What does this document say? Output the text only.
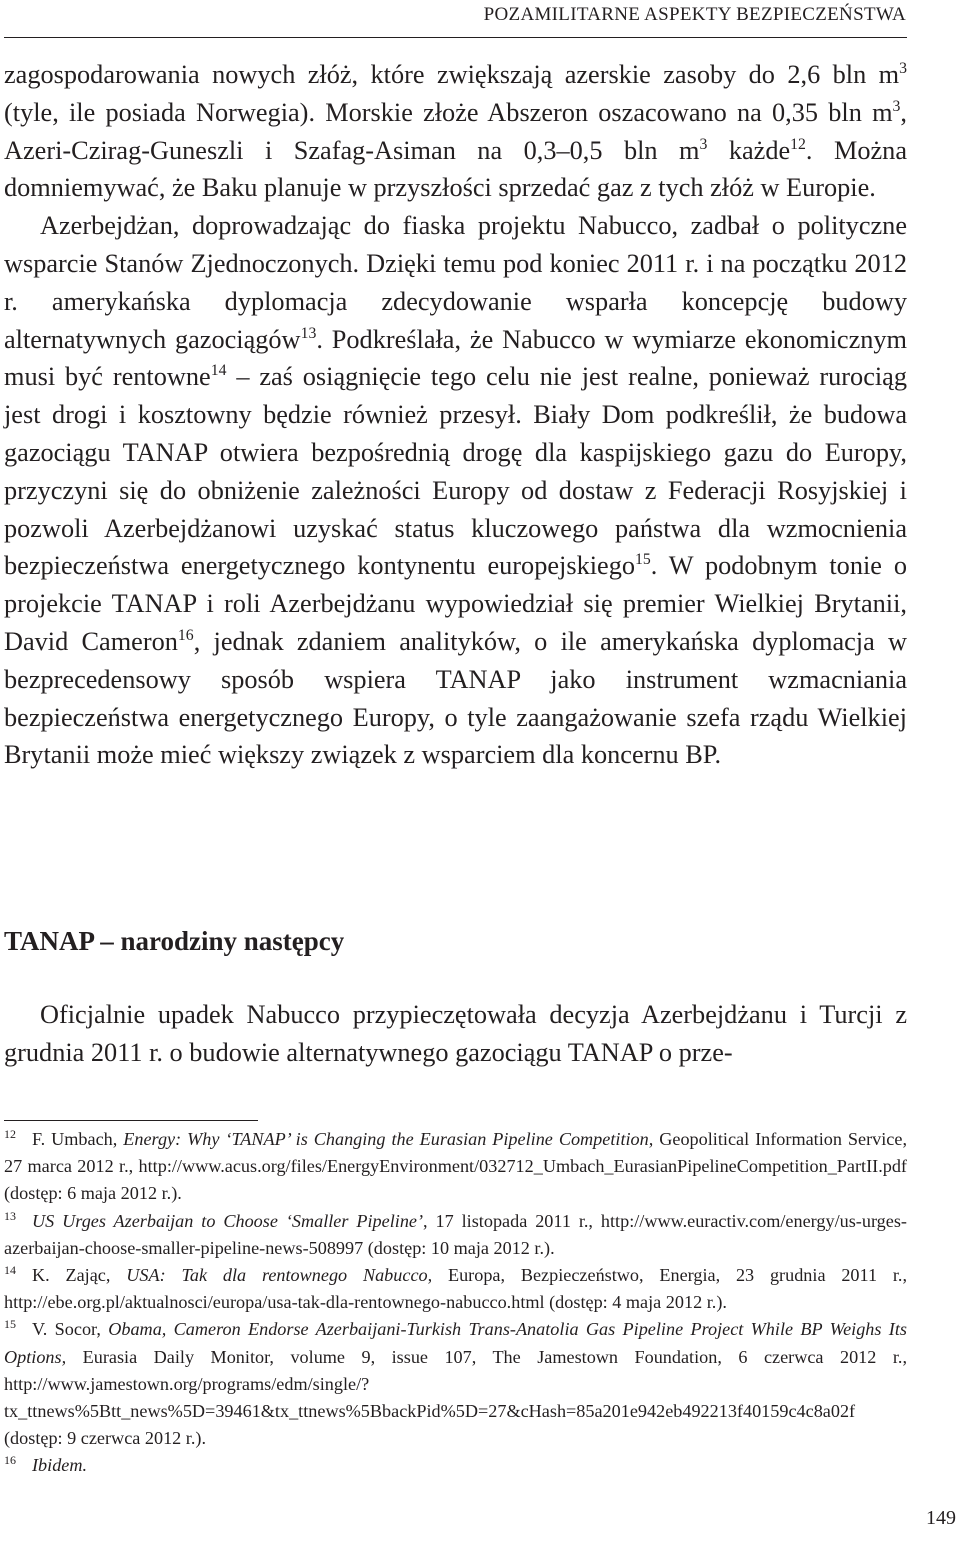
POZAMILITARNE ASPEKTY BEZPIECZEŃSTWA

zagospodarowania nowych złóż, które zwiększają azerskie zasoby do 2,6 bln $m^3$ (tyle, ile posiada Norwegia). Morskie złoże Abszeron oszacowano na 0,35 bln $m^3$, Azeri-Czirag-Guneszli i Szafag-Asiman na 0,3–0,5 bln $m^3$ każde$^{12}$. Można domniemywać, że Baku planuje w przyszłości sprzedać gaz z tych złóż w Europie.

Azerbejdżan, doprowadzając do fiaska projektu Nabucco, zadbał o polityczne wsparcie Stanów Zjednoczonych. Dzięki temu pod koniec 2011 r. i na początku 2012 r. amerykańska dyplomacja zdecydowanie wsparła koncepcję budowy alternatywnych gazociągów$^{13}$. Podkreślała, że Nabucco w wymiarze ekonomicznym musi być rentowne$^{14}$ – zaś osiągnięcie tego celu nie jest realne, ponieważ rurociąg jest drogi i kosztowny będzie również przesył. Biały Dom podkreślił, że budowa gazociągu TANAP otwiera bezpośrednią drogę dla kaspijskiego gazu do Europy, przyczyni się do obniżenie zależności Europy od dostaw z Federacji Rosyjskiej i pozwoli Azerbejdżanowi uzyskać status kluczowego państwa dla wzmocnienia bezpieczeństwa energetycznego kontynentu europejskiego$^{15}$. W podobnym tonie o projekcie TANAP i roli Azerbejdżanu wypowiedział się premier Wielkiej Brytanii, David Cameron$^{16}$, jednak zdaniem analityków, o ile amerykańska dyplomacja w bezprecedensowy sposób wspiera TANAP jako instrument wzmacniania bezpieczeństwa energetycznego Europy, o tyle zaangażowanie szefa rządu Wielkiej Brytanii może mieć większy związek z wsparciem dla koncernu BP.

TANAP – narodziny następcy

Oficjalnie upadek Nabucco przypieczętowała decyzja Azerbejdżanu i Turcji z grudnia 2011 r. o budowie alternatywnego gazociągu TANAP o prze-

12 F. Umbach, Energy: Why ‘TANAP’ is Changing the Eurasian Pipeline Competition, Geopolitical Information Service, 27 marca 2012 r., http://www.acus.org/files/EnergyEnvironment/032712_Umbach_EurasianPipelineCompetition_PartII.pdf (dostęp: 6 maja 2012 r.).

13 US Urges Azerbaijan to Choose ‘Smaller Pipeline’, 17 listopada 2011 r., http://www.euractiv.com/energy/us-urges-azerbaijan-choose-smaller-pipeline-news-508997 (dostęp: 10 maja 2012 r.).

14 K. Zając, USA: Tak dla rentownego Nabucco, Europa, Bezpieczeństwo, Energia, 23 grudnia 2011 r., http://ebe.org.pl/aktualnosci/europa/usa-tak-dla-rentownego-nabucco.html (dostęp: 4 maja 2012 r.).

15 V. Socor, Obama, Cameron Endorse Azerbaijani-Turkish Trans-Anatolia Gas Pipeline Project While BP Weighs Its Options, Eurasia Daily Monitor, volume 9, issue 107, The Jamestown Foundation, 6 czerwca 2012 r., http://www.jamestown.org/programs/edm/single/?tx_ttnews%5Btt_news%5D=39461&tx_ttnews%5BbackPid%5D=27&cHash=85a201e942eb492213f40159c4c8a02f (dostęp: 9 czerwca 2012 r.).

16 Ibidem.

149
